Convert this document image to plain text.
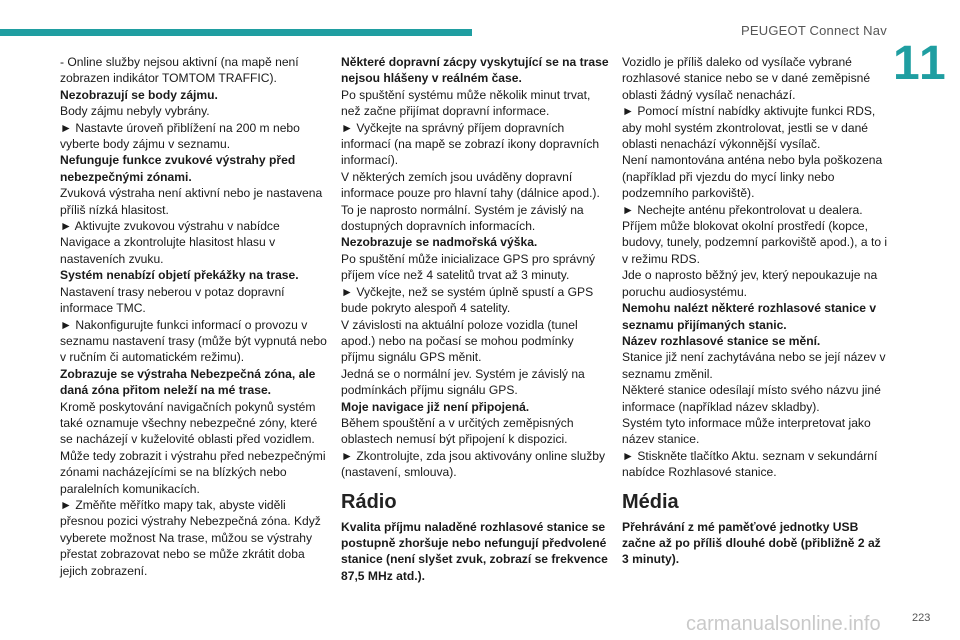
PEUGEOT Connect Nav
11

- Online služby nejsou aktivní (na mapě není zobrazen indikátor TOMTOM TRAFFIC).

Nezobrazují se body zájmu.

Body zájmu nebyly vybrány.

► Nastavte úroveň přiblížení na 200 m nebo vyberte body zájmu v seznamu.

Nefunguje funkce zvukové výstrahy před nebezpečnými zónami.

Zvuková výstraha není aktivní nebo je nastavena příliš nízká hlasitost.

► Aktivujte zvukovou výstrahu v nabídce Navigace a zkontrolujte hlasitost hlasu v nastaveních zvuku.

Systém nenabízí objetí překážky na trase.

Nastavení trasy neberou v potaz dopravní informace TMC.

► Nakonfigurujte funkci informací o provozu v seznamu nastavení trasy (může být vypnutá nebo v ručním či automatickém režimu).

Zobrazuje se výstraha Nebezpečná zóna, ale daná zóna přitom neleží na mé trase.

Kromě poskytování navigačních pokynů systém také oznamuje všechny nebezpečné zóny, které se nacházejí v kuželovité oblasti před vozidlem. Může tedy zobrazit i výstrahu před nebezpečnými zónami nacházejícími se na blízkých nebo paralelních komunikacích.

► Změňte měřítko mapy tak, abyste viděli přesnou pozici výstrahy Nebezpečná zóna. Když vyberete možnost Na trase, můžou se výstrahy přestat zobrazovat nebo se může zkrátit doba jejich zobrazení.

Některé dopravní zácpy vyskytující se na trase nejsou hlášeny v reálném čase.

Po spuštění systému může několik minut trvat, než začne přijímat dopravní informace.

► Vyčkejte na správný příjem dopravních informací (na mapě se zobrazí ikony dopravních informací).

V některých zemích jsou uváděny dopravní informace pouze pro hlavní tahy (dálnice apod.).

To je naprosto normální. Systém je závislý na dostupných dopravních informacích.

Nezobrazuje se nadmořská výška.

Po spuštění může inicializace GPS pro správný příjem více než 4 satelitů trvat až 3 minuty.

► Vyčkejte, než se systém úplně spustí a GPS bude pokryto alespoň 4 satelity.

V závislosti na aktuální poloze vozidla (tunel apod.) nebo na počasí se mohou podmínky příjmu signálu GPS měnit.

Jedná se o normální jev. Systém je závislý na podmínkách příjmu signálu GPS.

Moje navigace již není připojená.

Během spouštění a v určitých zeměpisných oblastech nemusí být připojení k dispozici.

► Zkontrolujte, zda jsou aktivovány online služby (nastavení, smlouva).

Rádio

Kvalita příjmu naladěné rozhlasové stanice se postupně zhoršuje nebo nefungují předvolené stanice (není slyšet zvuk, zobrazí se frekvence 87,5 MHz atd.).

Vozidlo je příliš daleko od vysílače vybrané rozhlasové stanice nebo se v dané zeměpisné oblasti žádný vysílač nenachází.

► Pomocí místní nabídky aktivujte funkci RDS, aby mohl systém zkontrolovat, jestli se v dané oblasti nenachází výkonnější vysílač.

Není namontována anténa nebo byla poškozena (například při vjezdu do mycí linky nebo podzemního parkoviště).

► Nechejte anténu překontrolovat u dealera.

Příjem může blokovat okolní prostředí (kopce, budovy, tunely, podzemní parkoviště apod.), a to i v režimu RDS.

Jde o naprosto běžný jev, který nepoukazuje na poruchu audiosystému.

Nemohu nalézt některé rozhlasové stanice v seznamu přijímaných stanic.

Název rozhlasové stanice se mění.

Stanice již není zachytávána nebo se její název v seznamu změnil.

Některé stanice odesílají místo svého názvu jiné informace (například název skladby).

Systém tyto informace může interpretovat jako název stanice.

► Stiskněte tlačítko Aktu. seznam v sekundární nabídce Rozhlasové stanice.

Média

Přehrávání z mé paměťové jednotky USB začne až po příliš dlouhé době (přibližně 2 až 3 minuty).

carmanualsonline.info	223
